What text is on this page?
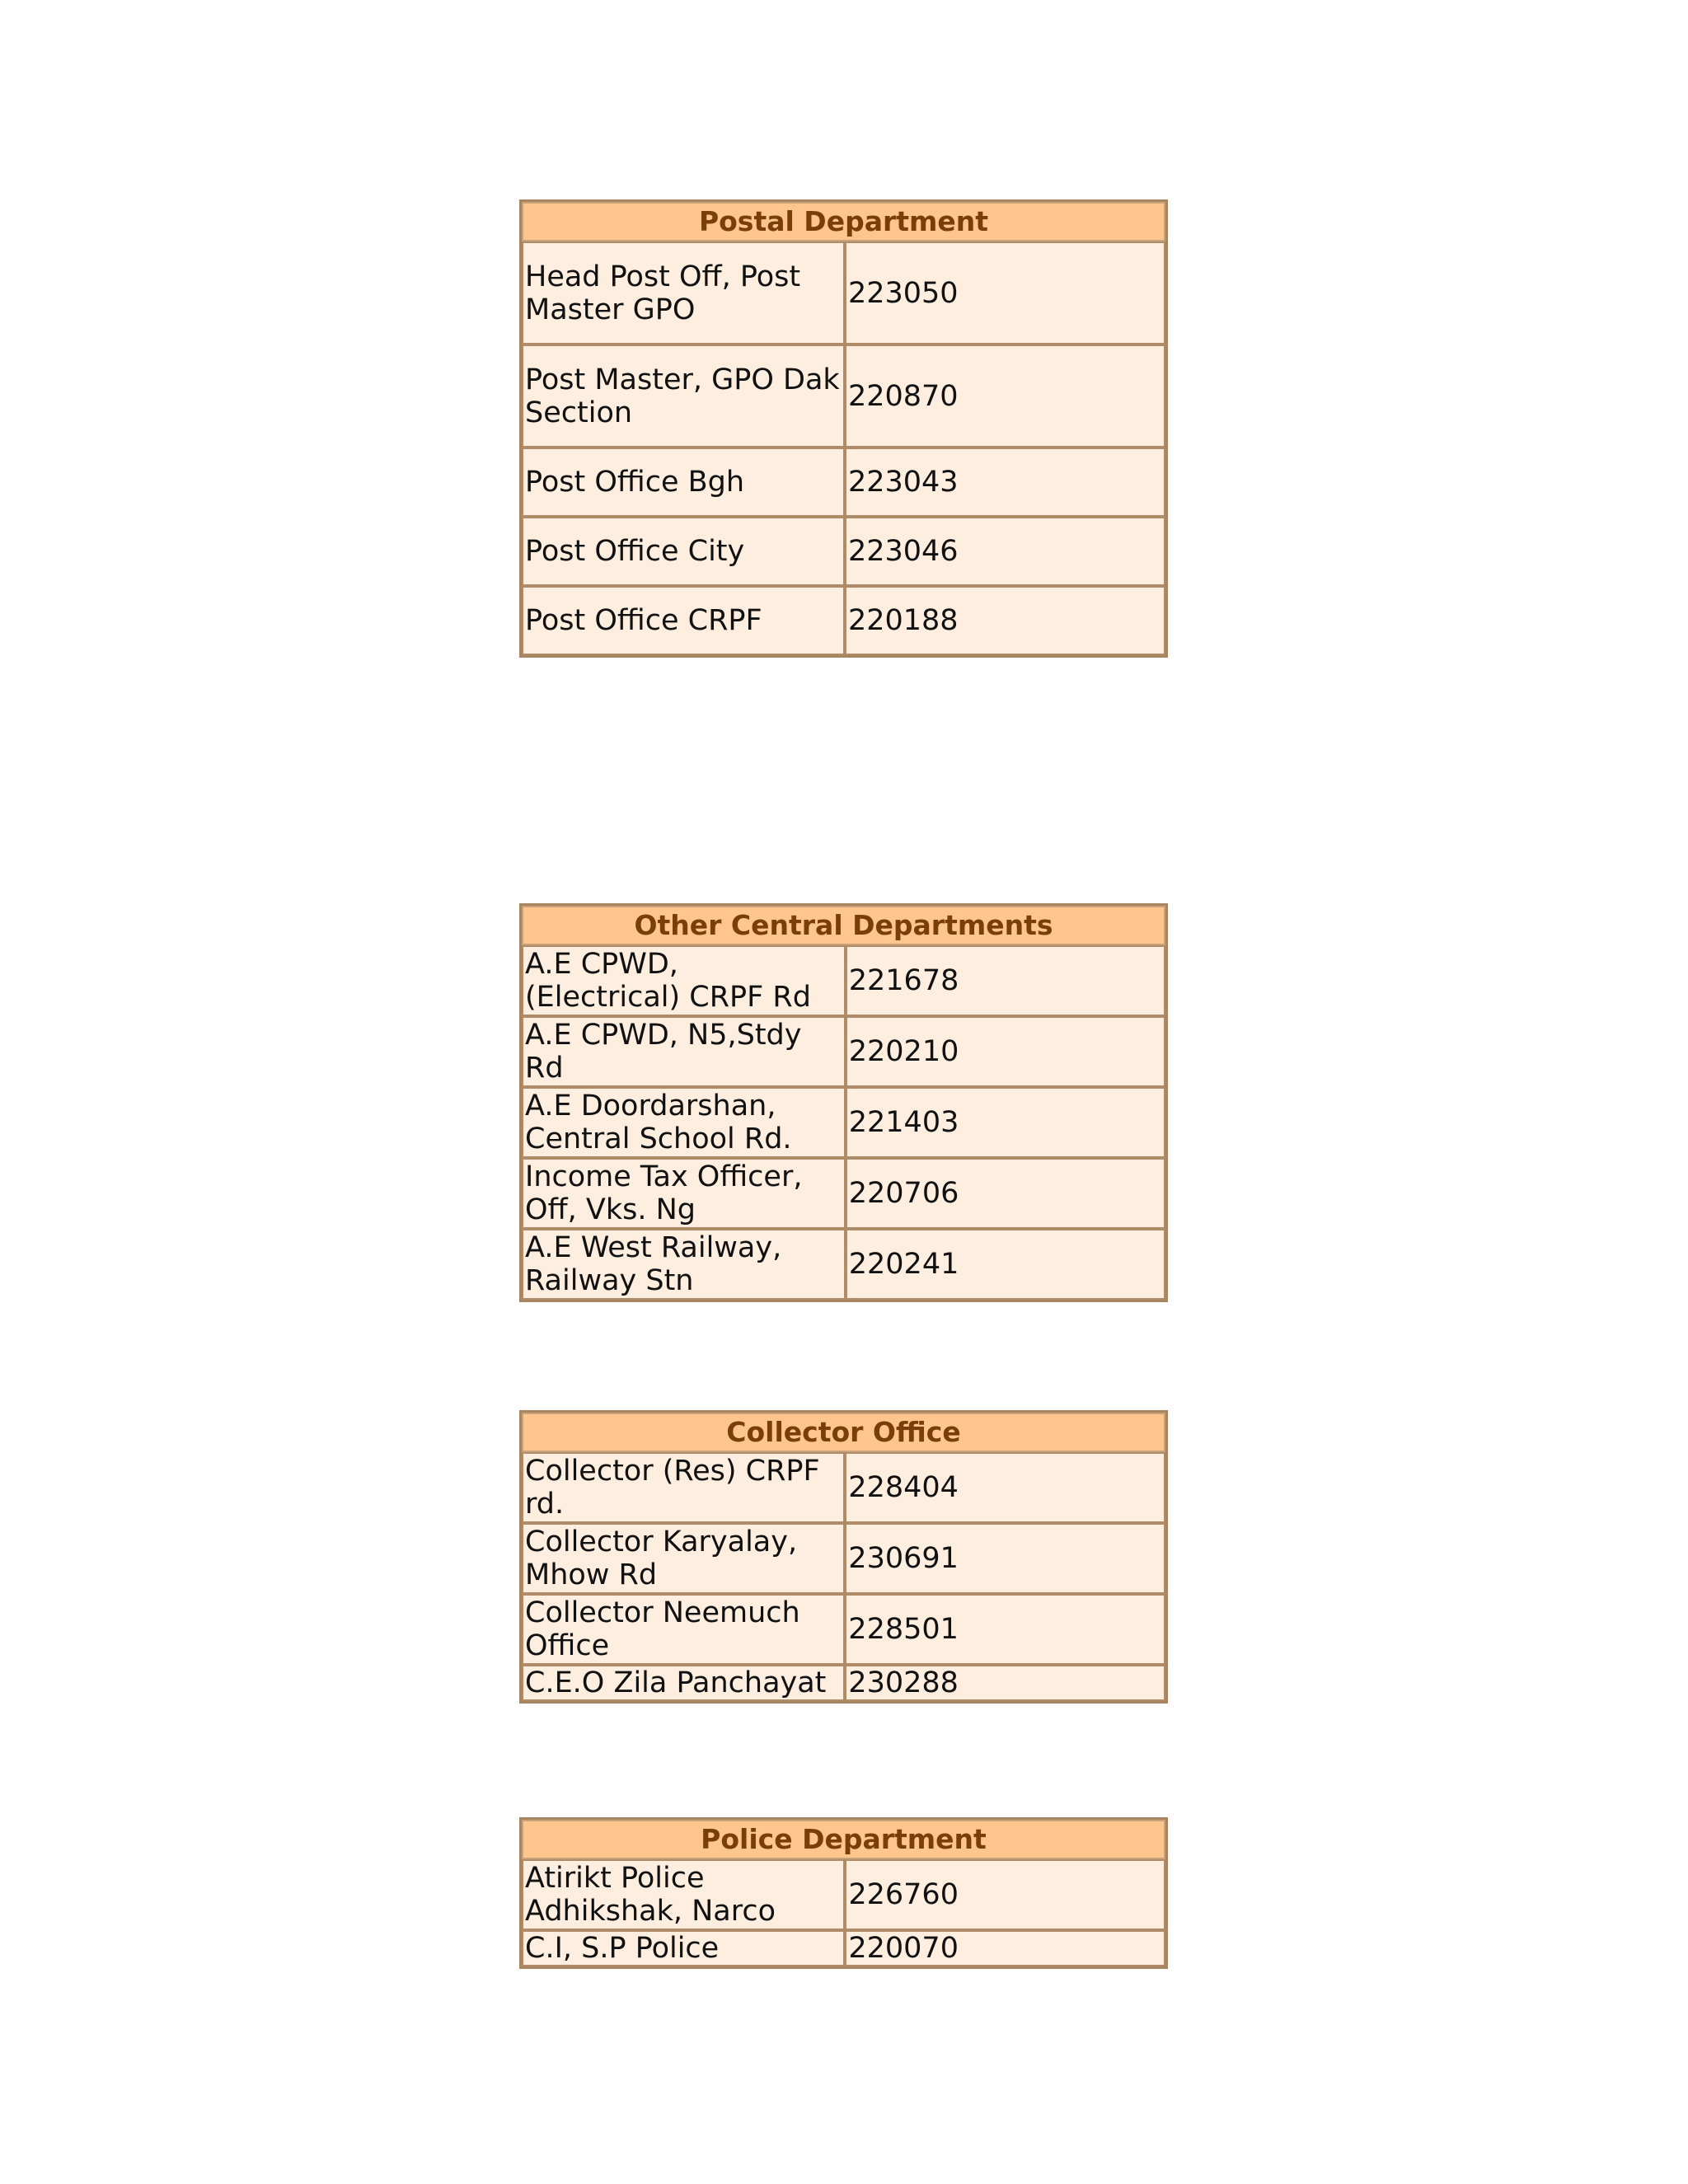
Postal Department	
Head Post Off, Post Master GPO	223050
Post Master, GPO Dak Section	220870
Post Office Bgh	223043
Post Office City	223046
Post Office CRPF	220188
Other Central Departments	
A.E CPWD, (Electrical) CRPF Rd	221678
A.E CPWD, N5,Stdy Rd	220210
A.E Doordarshan, Central School Rd.	221403
Income Tax Officer, Off, Vks. Ng	220706
A.E West Railway, Railway Stn	220241
Collector Office	
Collector (Res) CRPF rd.	228404
Collector Karyalay, Mhow Rd	230691
Collector Neemuch Office	228501
C.E.O Zila Panchayat	230288
Police Department	
Atirikt Police Adhikshak, Narco	226760
C.I, S.P Police	220070
